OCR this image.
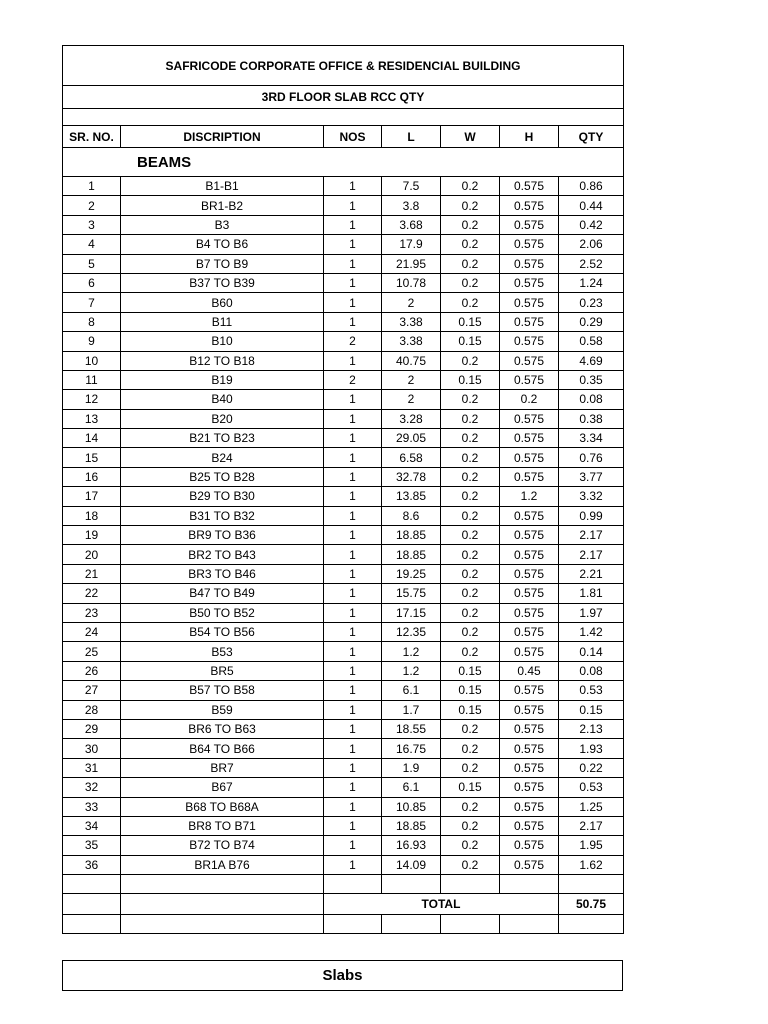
SAFRICODE CORPORATE OFFICE & RESIDENCIAL BUILDING						
3RD FLOOR SLAB RCC QTY						

SR. NO.	DISCRIPTION	NOS	L	W	H	QTY
BEAMS						
1	B1-B1	1	7.5	0.2	0.575	0.86
2	BR1-B2	1	3.8	0.2	0.575	0.44
3	B3	1	3.68	0.2	0.575	0.42
4	B4 TO B6	1	17.9	0.2	0.575	2.06
5	B7 TO B9	1	21.95	0.2	0.575	2.52
6	B37 TO B39	1	10.78	0.2	0.575	1.24
7	B60	1	2	0.2	0.575	0.23
8	B11	1	3.38	0.15	0.575	0.29
9	B10	2	3.38	0.15	0.575	0.58
10	B12 TO B18	1	40.75	0.2	0.575	4.69
11	B19	2	2	0.15	0.575	0.35
12	B40	1	2	0.2	0.2	0.08
13	B20	1	3.28	0.2	0.575	0.38
14	B21 TO B23	1	29.05	0.2	0.575	3.34
15	B24	1	6.58	0.2	0.575	0.76
16	B25 TO B28	1	32.78	0.2	0.575	3.77
17	B29 TO B30	1	13.85	0.2	1.2	3.32
18	B31 TO B32	1	8.6	0.2	0.575	0.99
19	BR9 TO B36	1	18.85	0.2	0.575	2.17
20	BR2 TO B43	1	18.85	0.2	0.575	2.17
21	BR3 TO B46	1	19.25	0.2	0.575	2.21
22	B47 TO B49	1	15.75	0.2	0.575	1.81
23	B50 TO B52	1	17.15	0.2	0.575	1.97
24	B54 TO B56	1	12.35	0.2	0.575	1.42
25	B53	1	1.2	0.2	0.575	0.14
26	BR5	1	1.2	0.15	0.45	0.08
27	B57 TO B58	1	6.1	0.15	0.575	0.53
28	B59	1	1.7	0.15	0.575	0.15
29	BR6 TO B63	1	18.55	0.2	0.575	2.13
30	B64 TO B66	1	16.75	0.2	0.575	1.93
31	BR7	1	1.9	0.2	0.575	0.22
32	B67	1	6.1	0.15	0.575	0.53
33	B68 TO B68A	1	10.85	0.2	0.575	1.25
34	BR8 TO B71	1	18.85	0.2	0.575	2.17
35	B72 TO B74	1	16.93	0.2	0.575	1.95
36	BR1A B76	1	14.09	0.2	0.575	1.62

		TOTAL				50.75

Slabs
